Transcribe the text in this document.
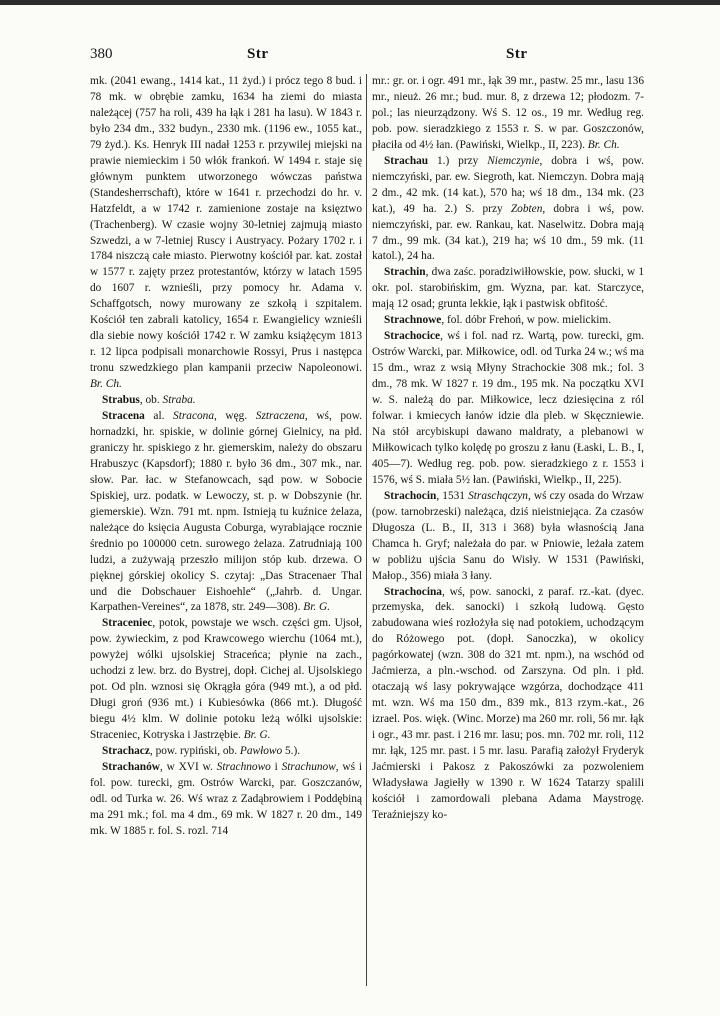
380	Str	Str

mk. (2041 ewang., 1414 kat., 11 żyd.) i prócz tego 8 bud. i 78 mk. w obrębie zamku, 1634 ha ziemi do miasta należącej (757 ha roli, 439 ha łąk i 281 ha lasu). W 1843 r. było 234 dm., 332 budyn., 2330 mk. (1196 ew., 1055 kat., 79 żyd.). Ks. Henryk III nadał 1253 r. przywilej miejski na prawie niemieckim i 50 włók frankoń. W 1494 r. staje się głównym punktem utworzonego wówczas państwa (Standesherrschaft), które w 1641 r. przechodzi do hr. v. Hatzfeldt, a w 1742 r. zamienione zostaje na księztwo (Trachenberg). W czasie wojny 30-letniej zajmują miasto Szwedzi, a w 7-letniej Ruscy i Austryacy. Pożary 1702 r. i 1784 niszczą całe miasto. Pierwotny kościół par. kat. został w 1577 r. zajęty przez protestantów, którzy w latach 1595 do 1607 r. wznieśli, przy pomocy hr. Adama v. Schaffgotsch, nowy murowany ze szkołą i szpitalem. Kościół ten zabrali katolicy, 1654 r. Ewangielicy wznieśli dla siebie nowy kościół 1742 r. W zamku książęcym 1813 r. 12 lipca podpisali monarchowie Rossyi, Prus i następca tronu szwedzkiego plan kampanii przeciw Napoleonowi. Br. Ch.

Strabus, ob. Straba.

Stracena al. Stracona, węg. Sztraczena, wś, pow. hornadzki, hr. spiskie, w dolinie górnej Gielnicy, na płd. graniczy hr. spiskiego z hr. giemerskim, należy do obszaru Hrabuszyc (Kapsdorf); 1880 r. było 36 dm., 307 mk., nar. słow. Par. łac. w Stefanowcach, sąd pow. w Sobocie Spiskiej, urz. podatk. w Lewoczy, st. p. w Dobszynie (hr. giemerskie). Wzn. 791 mt. npm. Istnieją tu kuźnice żelaza, należące do księcia Augusta Coburga, wyrabiające rocznie średnio po 100000 cetn. surowego żelaza. Zatrudniają 100 ludzi, a zużywają przeszło milijon stóp kub. drzewa. O pięknej górskiej okolicy S. czytaj: „Das Stracenaer Thal und die Dobschauer Eishoehle“ („Jahrb. d. Ungar. Karpathen-Vereines“, za 1878, str. 249—308). Br. G.

Straceniec, potok, powstaje we wsch. części gm. Ujsoł, pow. żywieckim, z pod Krawcowego wierchu (1064 mt.), powyżej wólki ujsolskiej Straceńca; płynie na zach., uchodzi z lew. brz. do Bystrej, dopł. Cichej al. Ujsolskiego pot. Od pln. wznosi się Okrągła góra (949 mt.), a od płd. Długi groń (936 mt.) i Kubiesówka (866 mt.). Długość biegu 4½ klm. W dolinie potoku leżą wólki ujsolskie: Straceniec, Kotryska i Jastrzębie. Br. G.

Strachacz, pow. rypiński, ob. Pawłowo 5.).

Strachanów, w XVI w. Strachnowo i Strachunow, wś i fol. pow. turecki, gm. Ostrów Warcki, par. Goszczanów, odl. od Turka w. 26. Wś wraz z Zadąbrowiem i Poddębiną ma 291 mk.; fol. ma 4 dm., 69 mk. W 1827 r. 20 dm., 149 mk. W 1885 r. fol. S. rozl. 714

mr.: gr. or. i ogr. 491 mr., łąk 39 mr., pastw. 25 mr., lasu 136 mr., nieuż. 26 mr.; bud. mur. 8, z drzewa 12; płodozm. 7-pol.; las nieurządzony. Wś S. 12 os., 19 mr. Według reg. pob. pow. sieradzkiego z 1553 r. S. w par. Goszczonów, płaciła od 4½ łan. (Pawiński, Wielkp., II, 223). Br. Ch.

Strachau 1.) przy Niemczynie, dobra i wś, pow. niemczyński, par. ew. Siegroth, kat. Niemczyn. Dobra mają 2 dm., 42 mk. (14 kat.), 570 ha; wś 18 dm., 134 mk. (23 kat.), 49 ha. 2.) S. przy Zobten, dobra i wś, pow. niemczyński, par. ew. Rankau, kat. Naselwitz. Dobra mają 7 dm., 99 mk. (34 kat.), 219 ha; wś 10 dm., 59 mk. (11 katol.), 24 ha.

Strachin, dwa zaśc. poradziwiłłowskie, pow. słucki, w 1 okr. pol. starobińskim, gm. Wyzna, par. kat. Starczyce, mają 12 osad; grunta lekkie, łąk i pastwisk obfitość.

Strachnowe, fol. dóbr Frehoń, w pow. mielickim.

Strachocice, wś i fol. nad rz. Wartą, pow. turecki, gm. Ostrów Warcki, par. Miłkowice, odl. od Turka 24 w.; wś ma 15 dm., wraz z wsią Młyny Strachockie 308 mk.; fol. 3 dm., 78 mk. W 1827 r. 19 dm., 195 mk. Na początku XVI w. S. należą do par. Miłkowice, lecz dziesięcina z ról folwar. i kmiecych łanów idzie dla pleb. w Skęczniewie. Na stół arcybiskupi dawano maldraty, a plebanowi w Miłkowicach tylko kolędę po groszu z łanu (Łaski, L. B., I, 405—7). Według reg. pob. pow. sieradzkiego z r. 1553 i 1576, wś S. miała 5½ łan. (Pawiński, Wielkp., II, 225).

Strachocin, 1531 Straschączyn, wś czy osada do Wrzaw (pow. tarnobrzeski) należąca, dziś nieistniejąca. Za czasów Długosza (L. B., II, 313 i 368) była własnością Jana Chamca h. Gryf; należała do par. w Pniowie, leżała zatem w pobliżu ujścia Sanu do Wisły. W 1531 (Pawiński, Małop., 356) miała 3 łany.

Strachocina, wś, pow. sanocki, z paraf. rz.-kat. (dyec. przemyska, dek. sanocki) i szkołą ludową. Gęsto zabudowana wieś rozłożyła się nad potokiem, uchodzącym do Różowego pot. (dopł. Sanoczka), w okolicy pagórkowatej (wzn. 308 do 321 mt. npm.), na wschód od Jaćmierza, a pln.-wschod. od Zarszyna. Od pln. i płd. otaczają wś lasy pokrywające wzgórza, dochodzące 411 mt. wzn. Wś ma 150 dm., 839 mk., 813 rzym.-kat., 26 izrael. Pos. więk. (Winc. Morze) ma 260 mr. roli, 56 mr. łąk i ogr., 43 mr. past. i 216 mr. lasu; pos. mn. 702 mr. roli, 112 mr. łąk, 125 mr. past. i 5 mr. lasu. Parafią założył Fryderyk Jaćmierski i Pakosz z Pakoszówki za pozwoleniem Władysława Jagiełły w 1390 r. W 1624 Tatarzy spalili kościół i zamordowali plebana Adama Maystrogę. Teraźniejszy ko-
